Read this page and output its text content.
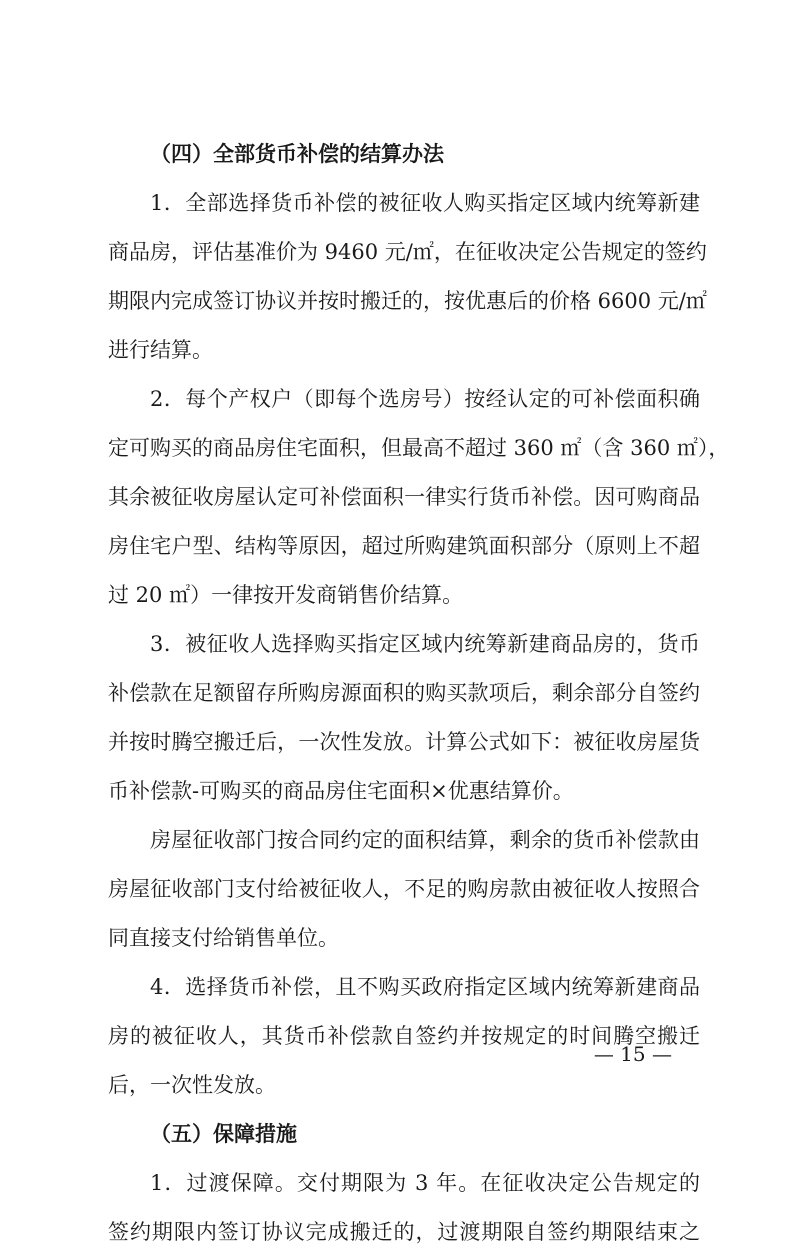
（四）全部货币补偿的结算办法
1．全部选择货币补偿的被征收人购买指定区域内统筹新建
商品房，评估基准价为 9460 元/㎡，在征收决定公告规定的签约
期限内完成签订协议并按时搬迁的，按优惠后的价格 6600 元/㎡
进行结算。
2．每个产权户（即每个选房号）按经认定的可补偿面积确
定可购买的商品房住宅面积，但最高不超过 360 ㎡（含 360 ㎡），
其余被征收房屋认定可补偿面积一律实行货币补偿。因可购商品
房住宅户型、结构等原因，超过所购建筑面积部分（原则上不超
过 20 ㎡）一律按开发商销售价结算。
3．被征收人选择购买指定区域内统筹新建商品房的，货币
补偿款在足额留存所购房源面积的购买款项后，剩余部分自签约
并按时腾空搬迁后，一次性发放。计算公式如下：被征收房屋货
币补偿款-可购买的商品房住宅面积×优惠结算价。
房屋征收部门按合同约定的面积结算，剩余的货币补偿款由
房屋征收部门支付给被征收人，不足的购房款由被征收人按照合
同直接支付给销售单位。
4．选择货币补偿，且不购买政府指定区域内统筹新建商品
房的被征收人，其货币补偿款自签约并按规定的时间腾空搬迁
后，一次性发放。
（五）保障措施
1．过渡保障。交付期限为 3 年。在征收决定公告规定的
签约期限内签订协议完成搬迁的，过渡期限自签约期限结束之
— 15 —
